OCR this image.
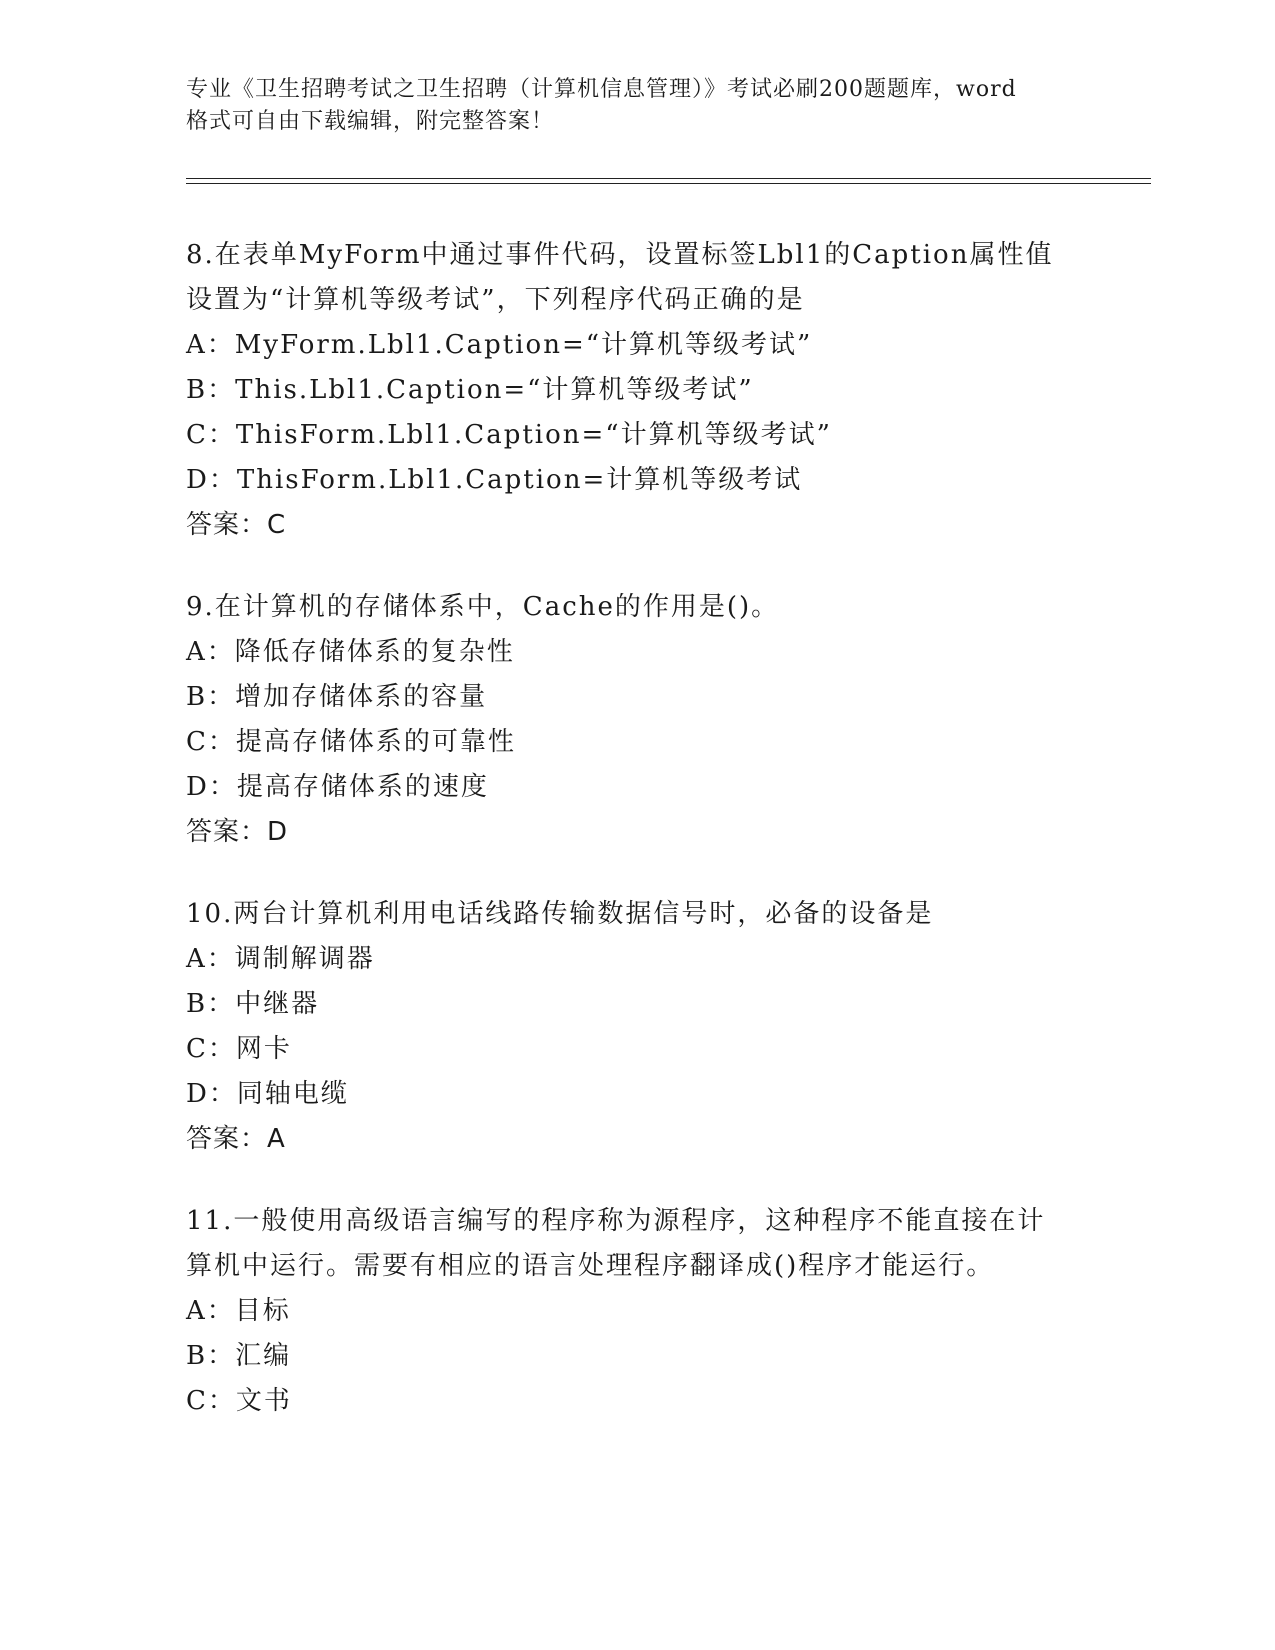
专业《卫生招聘考试之卫生招聘（计算机信息管理）》考试必刷200题题库，word
格式可自由下载编辑，附完整答案！

8.在表单MyForm中通过事件代码，设置标签Lbl1的Caption属性值

设置为“计算机等级考试”，下列程序代码正确的是

A：MyForm.Lbl1.Caption=“计算机等级考试”

B：This.Lbl1.Caption=“计算机等级考试”

C：ThisForm.Lbl1.Caption=“计算机等级考试”

D：ThisForm.Lbl1.Caption=计算机等级考试

答案：C

9.在计算机的存储体系中，Cache的作用是()。

A：降低存储体系的复杂性

B：增加存储体系的容量

C：提高存储体系的可靠性

D：提高存储体系的速度

答案：D

10.两台计算机利用电话线路传输数据信号时，必备的设备是

A：调制解调器

B：中继器

C：网卡

D：同轴电缆

答案：A

11.一般使用高级语言编写的程序称为源程序，这种程序不能直接在计

算机中运行。需要有相应的语言处理程序翻译成()程序才能运行。

A：目标

B：汇编

C：文书
